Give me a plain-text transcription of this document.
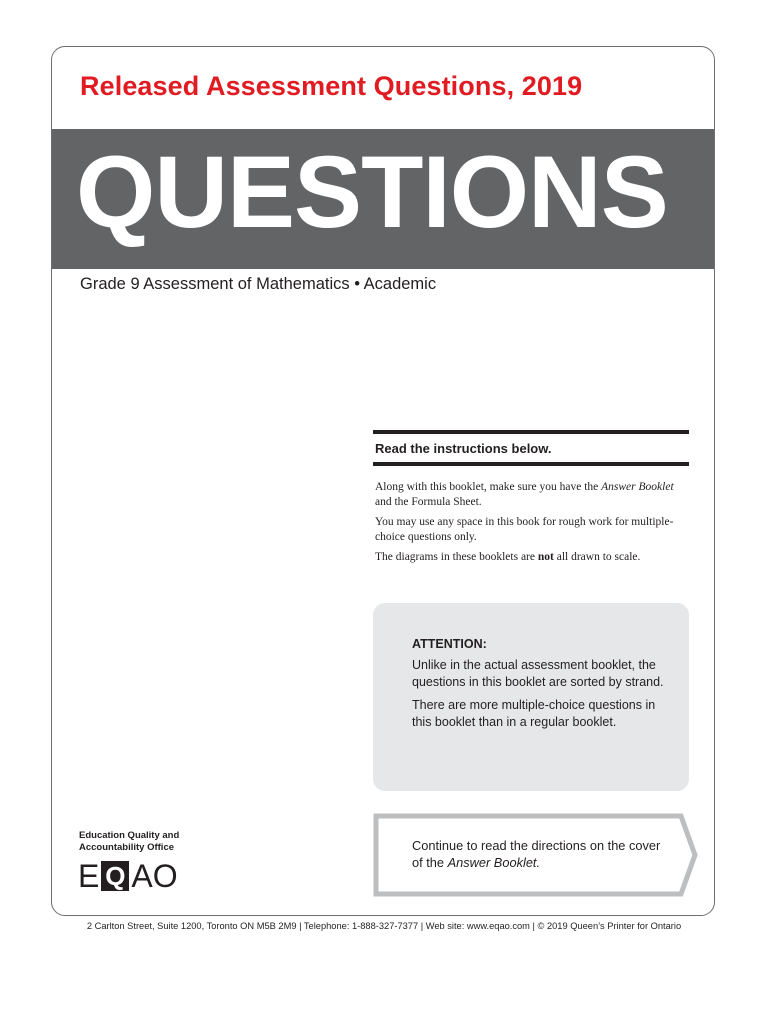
Released Assessment Questions, 2019
QUESTIONS
Grade 9 Assessment of Mathematics • Academic
Read the instructions below.

Along with this booklet, make sure you have the Answer Booklet and the Formula Sheet.

You may use any space in this book for rough work for multiple-choice questions only.

The diagrams in these booklets are not all drawn to scale.

ATTENTION:

Unlike in the actual assessment booklet, the questions in this booklet are sorted by strand.

There are more multiple-choice questions in this booklet than in a regular booklet.

Continue to read the directions on the cover of the Answer Booklet.
Education Quality and
Accountability Office
E Q AO
2 Carlton Street, Suite 1200, Toronto ON M5B 2M9 | Telephone: 1-888-327-7377 | Web site: www.eqao.com | © 2019 Queen’s Printer for Ontario
